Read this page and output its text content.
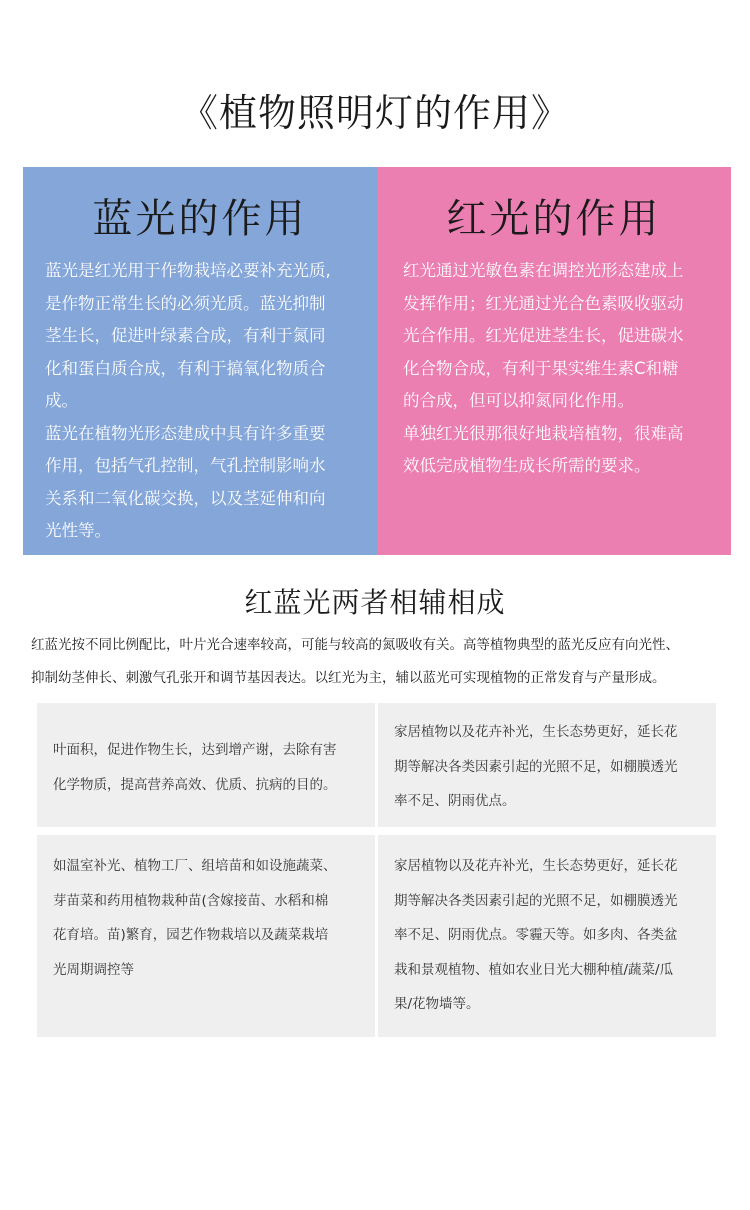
《植物照明灯的作用》
蓝光的作用

蓝光是红光用于作物栽培必要补充光质,

是作物正常生长的必须光质。蓝光抑制

茎生长，促进叶绿素合成，有利于氮同

化和蛋白质合成，有利于搞氧化物质合

成。

蓝光在植物光形态建成中具有许多重要

作用，包括气孔控制，气孔控制影响水

关系和二氧化碳交换，以及茎延伸和向

光性等。

红光的作用

红光通过光敏色素在调控光形态建成上

发挥作用；红光通过光合色素吸收驱动

光合作用。红光促进茎生长，促进碳水

化合物合成，有利于果实维生素C和糖

的合成，但可以抑氮同化作用。

单独红光很那很好地栽培植物，很难高

效低完成植物生成长所需的要求。

红蓝光两者相辅相成

红蓝光按不同比例配比，叶片光合速率较高，可能与较高的氮吸收有关。高等植物典型的蓝光反应有向光性、

抑制幼茎伸长、刺激气孔张开和调节基因表达。以红光为主，辅以蓝光可实现植物的正常发育与产量形成。

叶面积，促进作物生长，达到增产谢，去除有害

化学物质，提高营养高效、优质、抗病的目的。

家居植物以及花卉补光，生长态势更好，延长花

期等解决各类因素引起的光照不足，如棚膜透光

率不足、阴雨优点。

如温室补光、植物工厂、组培苗和如设施蔬菜、

芽苗菜和药用植物栽种苗(含嫁接苗、水稻和棉

花育培。苗)繁育，园艺作物栽培以及蔬菜栽培

光周期调控等

家居植物以及花卉补光，生长态势更好，延长花

期等解决各类因素引起的光照不足，如棚膜透光

率不足、阴雨优点。零霾天等。如多肉、各类盆

栽和景观植物、植如农业日光大棚种植/蔬菜/瓜

果/花物墙等。
